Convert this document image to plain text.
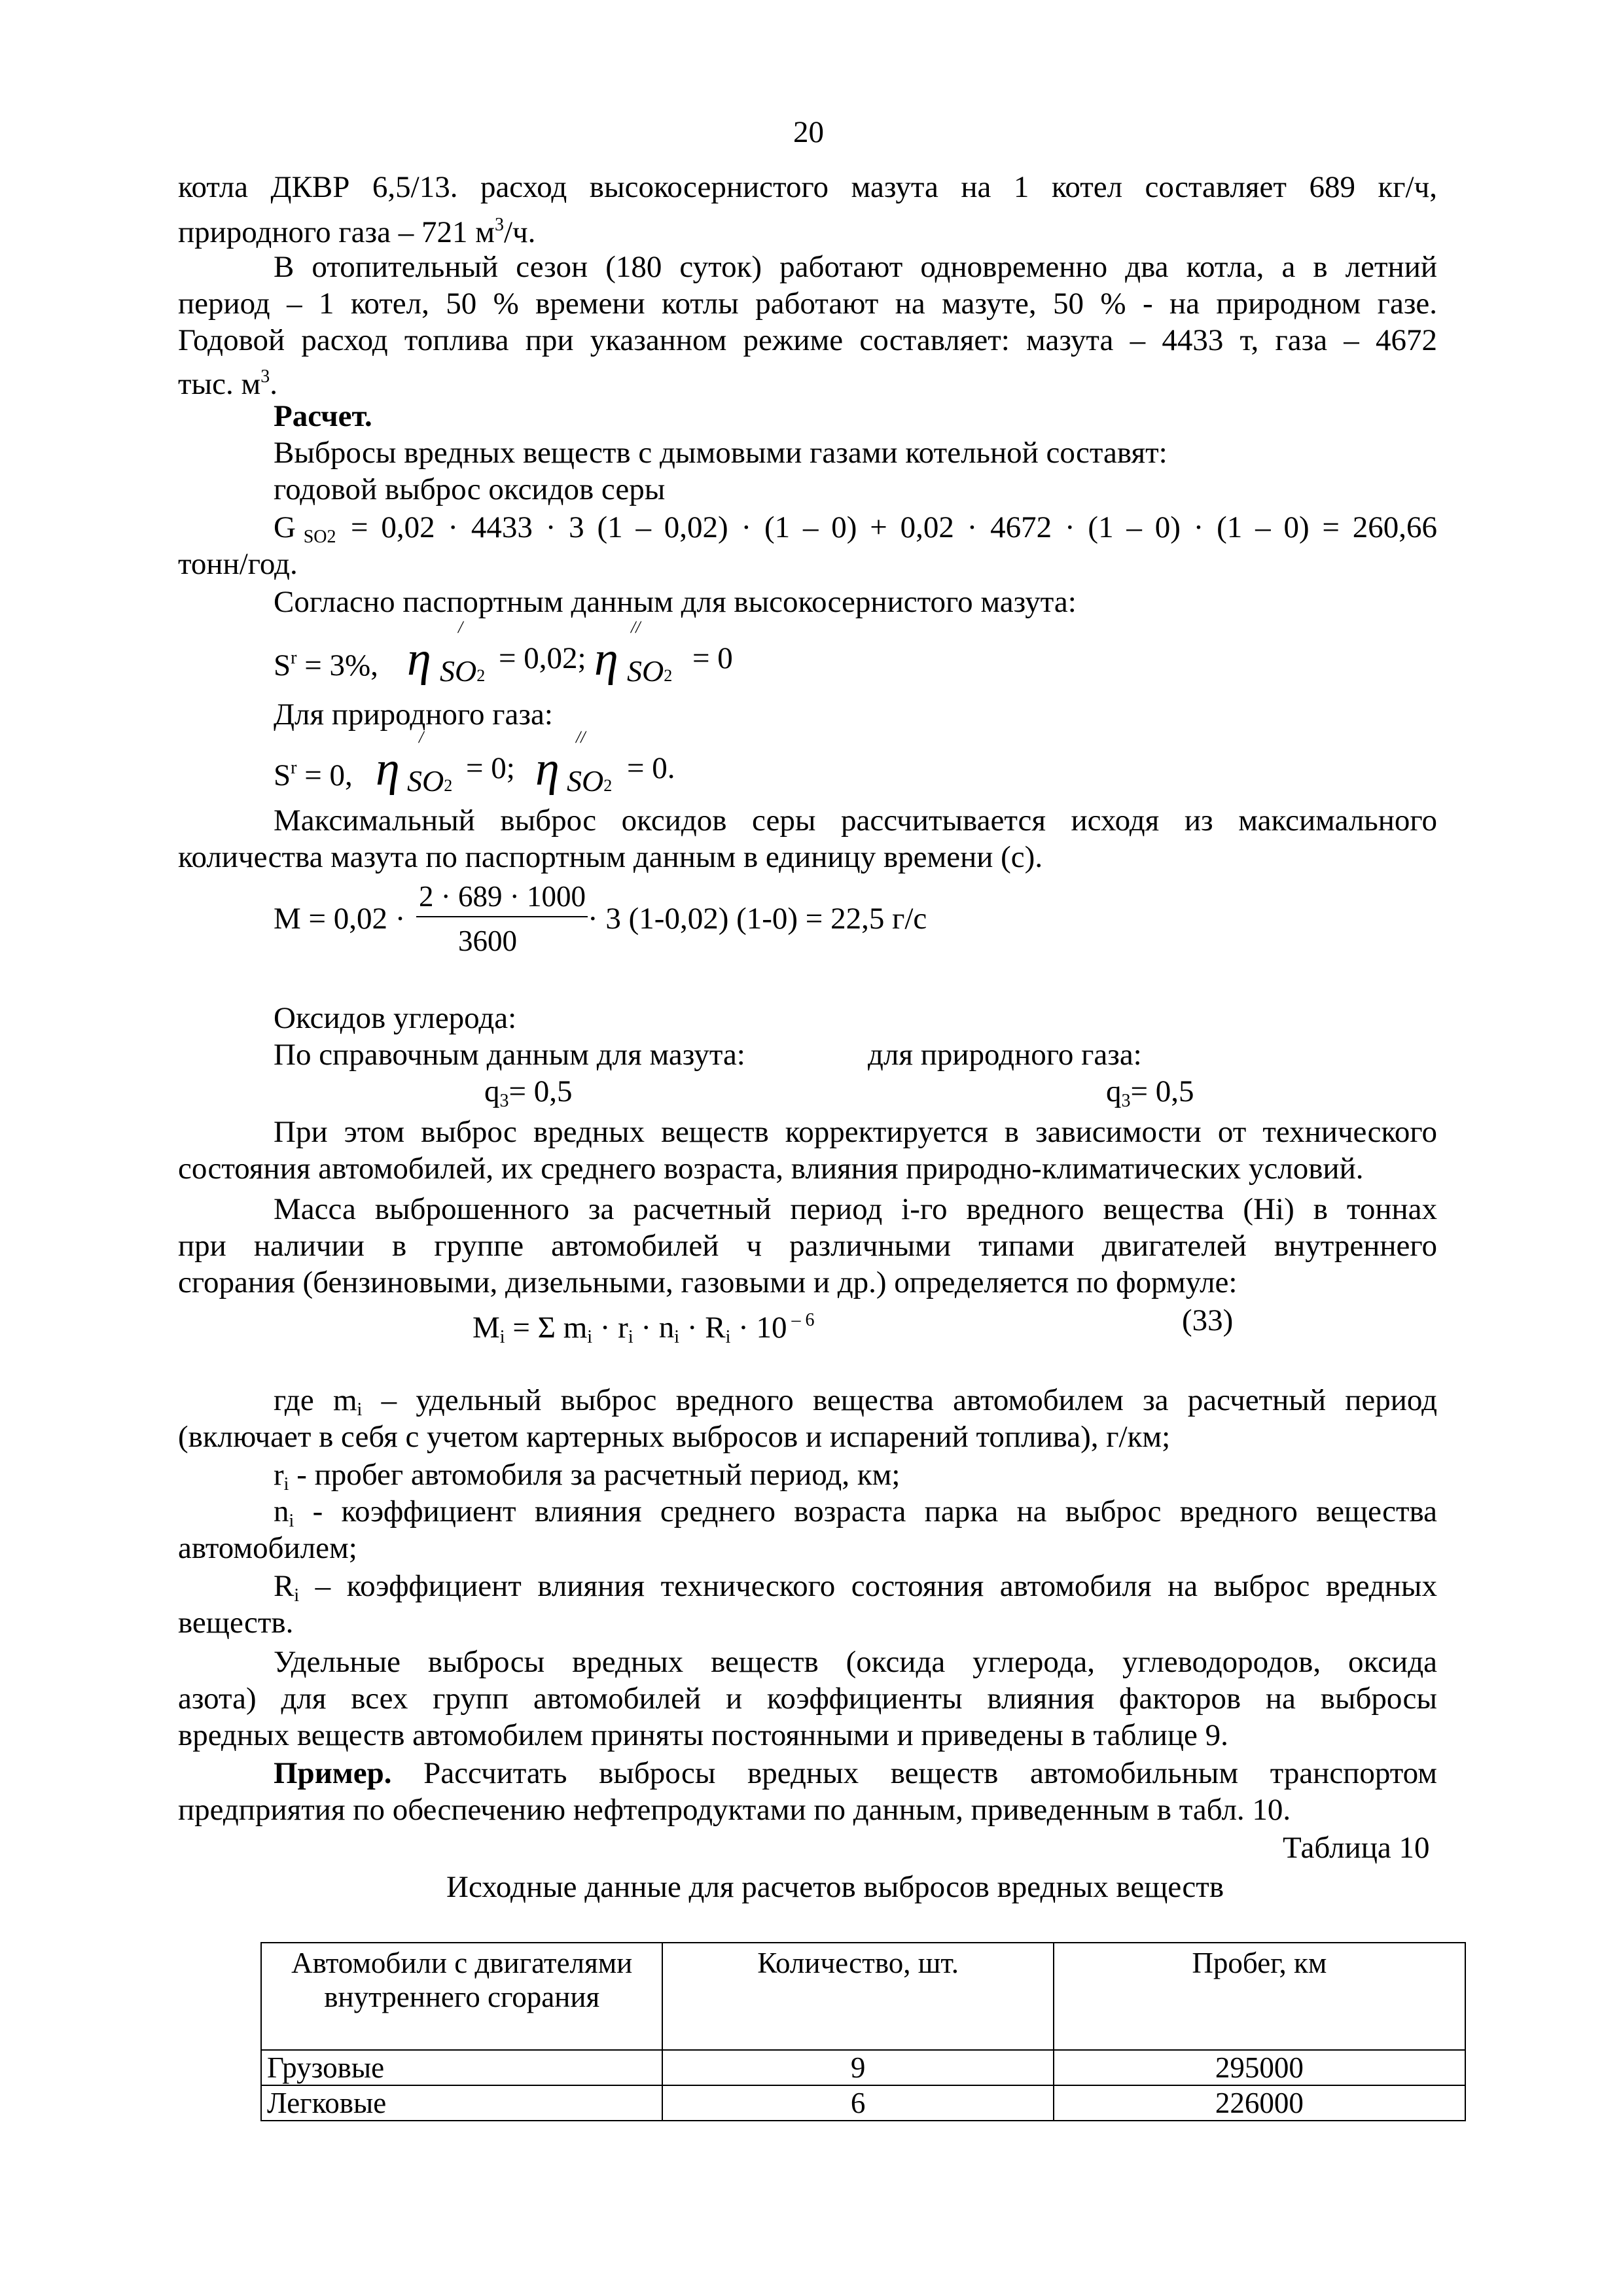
20
котла ДКВР 6,5/13. расход высокосернистого мазута на 1 котел составляет 689 кг/ч,
природного газа – 721 $м^3/ч$.
В отопительный сезон (180 суток) работают одновременно два котла, а в летний
период – 1 котел, 50 % времени котлы работают на мазуте, 50 % - на природном газе.
Годовой расход топлива при указанном режиме составляет: мазута – 4433 т, газа – 4672
тыс. $м^3$.
Расчет.
Выбросы вредных веществ с дымовыми газами котельной составят:
годовой выброс оксидов серы
G $_{SO2}$ = 0,02 · 4433 · 3 (1 – 0,02) · (1 – 0) + 0,02 · 4672 · (1 – 0) · (1 – 0) = 260,66
тонн/год.
Согласно паспортным данным для высокосернистого мазута:
$S^r = 3\%$,
/
η SO2
= 0,02;
//
η SO2
= 0
Для природного газа:
$S^r = 0$,
/
η SO2
= 0;
//
η SO2
= 0.
Максимальный выброс оксидов серы рассчитывается исходя из максимального
количества мазута по паспортным данным в единицу времени (с).
М = 0,02 ·
2 · 689 · 1000
3600
· 3 (1-0,02) (1-0) = 22,5 г/с
Оксидов углерода:
По справочным данным для мазута:	для природного газа:
$q_3= 0,5$	$q_3= 0,5$
При этом выброс вредных веществ корректируется в зависимости от технического
состояния автомобилей, их среднего возраста, влияния природно-климатических условий.
Масса выброшенного за расчетный период i-го вредного вещества (Нi) в тоннах
при наличии в группе автомобилей ч различными типами двигателей внутреннего
сгорания (бензиновыми, дизельными, газовыми и др.) определяется по формуле:
$М_i = \Sigma$ $m_i \cdot r_i \cdot n_i \cdot R_i \cdot 10$ $^{- 6}$	(33)
где $m_i$ – удельный выброс вредного вещества автомобилем за расчетный период
(включает в себя с учетом картерных выбросов и испарений топлива), г/км;
$r_i$ - пробег автомобиля за расчетный период, км;
$n_i$ - коэффициент влияния среднего возраста парка на выброс вредного вещества
автомобилем;
$R_i$ – коэффициент влияния технического состояния автомобиля на выброс вредных
веществ.
Удельные выбросы вредных веществ (оксида углерода, углеводородов, оксида
азота) для всех групп автомобилей и коэффициенты влияния факторов на выбросы
вредных веществ автомобилем приняты постоянными и приведены в таблице 9.
Пример. Рассчитать выбросы вредных веществ автомобильным транспортом
предприятия по обеспечению нефтепродуктами по данным, приведенным в табл. 10.
Таблица 10
Исходные данные для расчетов выбросов вредных веществ
Автомобили с двигателями внутреннего сгорания	Количество, шт.	Пробег, км
Грузовые	9	295000
Легковые	6	226000
